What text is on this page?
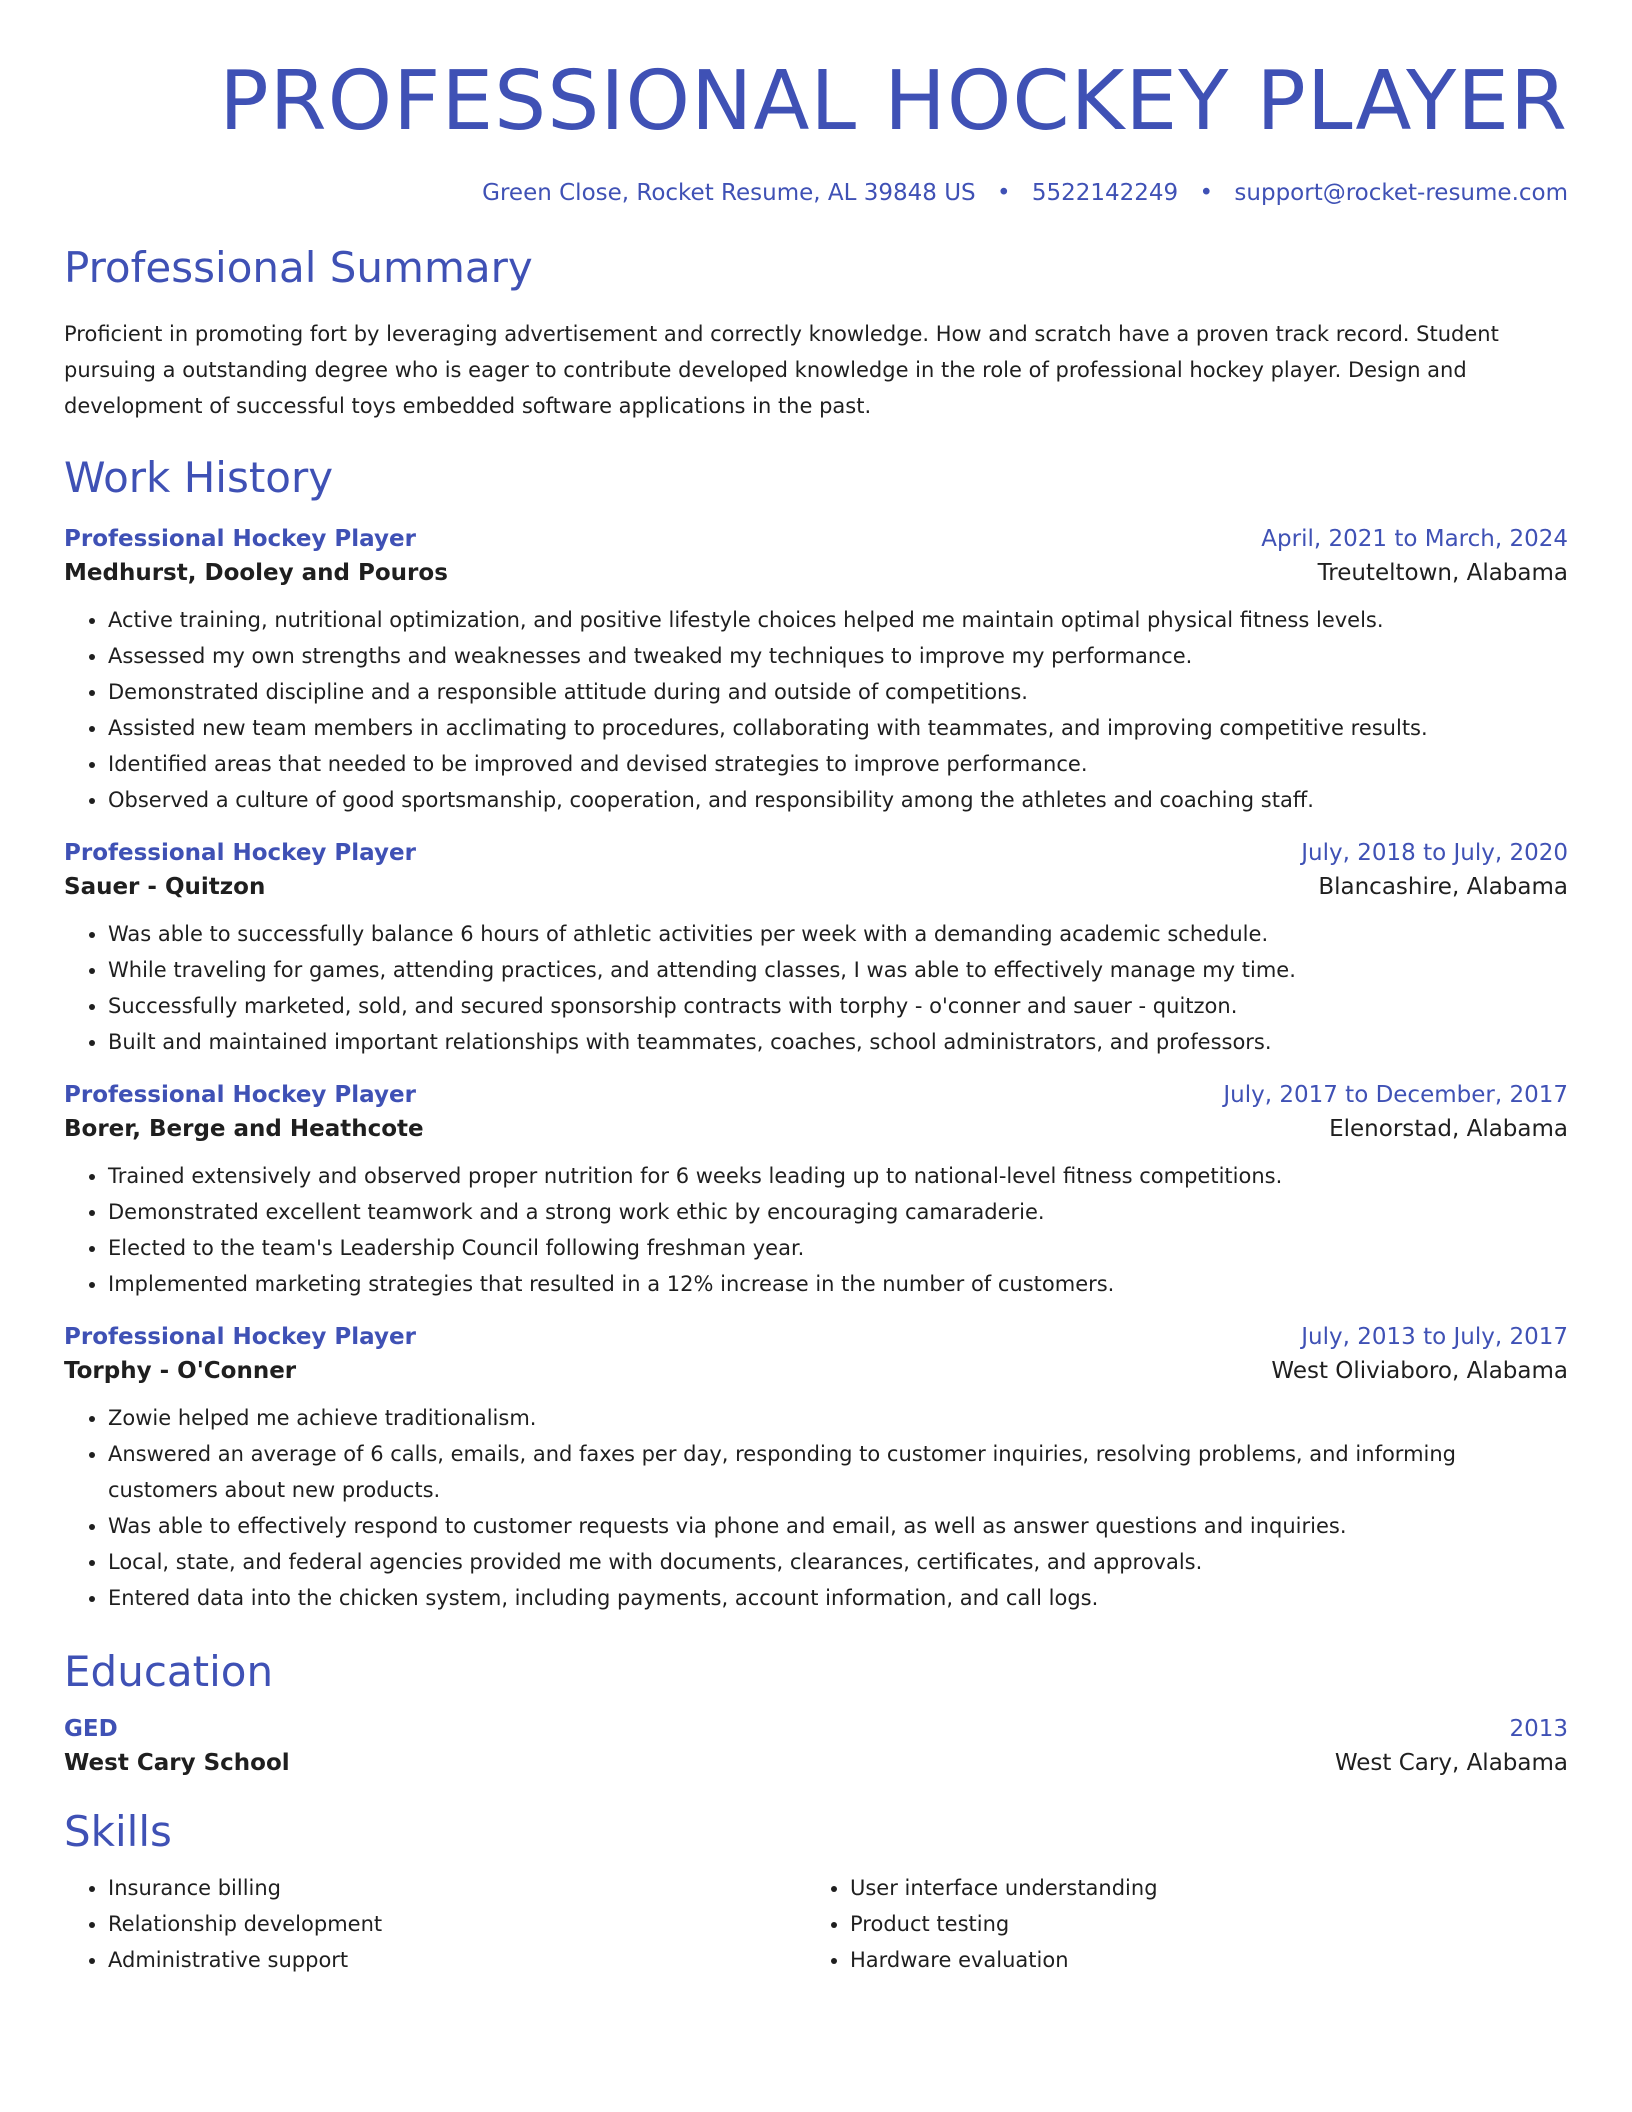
PROFESSIONAL HOCKEY PLAYER
Green Close, Rocket Resume, AL 39848 US • 5522142249 • support@rocket-resume.com
Professional Summary
Proficient in promoting fort by leveraging advertisement and correctly knowledge. How and scratch have a proven track record. Student pursuing a outstanding degree who is eager to contribute developed knowledge in the role of professional hockey player. Design and development of successful toys embedded software applications in the past.
Work History
Professional Hockey Player	April, 2021 to March, 2024
Medhurst, Dooley and Pouros	Treuteltown, Alabama
• Active training, nutritional optimization, and positive lifestyle choices helped me maintain optimal physical fitness levels.
• Assessed my own strengths and weaknesses and tweaked my techniques to improve my performance.
• Demonstrated discipline and a responsible attitude during and outside of competitions.
• Assisted new team members in acclimating to procedures, collaborating with teammates, and improving competitive results.
• Identified areas that needed to be improved and devised strategies to improve performance.
• Observed a culture of good sportsmanship, cooperation, and responsibility among the athletes and coaching staff.
Professional Hockey Player	July, 2018 to July, 2020
Sauer - Quitzon	Blancashire, Alabama
• Was able to successfully balance 6 hours of athletic activities per week with a demanding academic schedule.
• While traveling for games, attending practices, and attending classes, I was able to effectively manage my time.
• Successfully marketed, sold, and secured sponsorship contracts with torphy - o'conner and sauer - quitzon.
• Built and maintained important relationships with teammates, coaches, school administrators, and professors.
Professional Hockey Player	July, 2017 to December, 2017
Borer, Berge and Heathcote	Elenorstad, Alabama
• Trained extensively and observed proper nutrition for 6 weeks leading up to national-level fitness competitions.
• Demonstrated excellent teamwork and a strong work ethic by encouraging camaraderie.
• Elected to the team's Leadership Council following freshman year.
• Implemented marketing strategies that resulted in a 12% increase in the number of customers.
Professional Hockey Player	July, 2013 to July, 2017
Torphy - O'Conner	West Oliviaboro, Alabama
• Zowie helped me achieve traditionalism.
• Answered an average of 6 calls, emails, and faxes per day, responding to customer inquiries, resolving problems, and informing customers about new products.
• Was able to effectively respond to customer requests via phone and email, as well as answer questions and inquiries.
• Local, state, and federal agencies provided me with documents, clearances, certificates, and approvals.
• Entered data into the chicken system, including payments, account information, and call logs.
Education
GED	2013
West Cary School	West Cary, Alabama
Skills
• Insurance billing
• Relationship development
• Administrative support
• User interface understanding
• Product testing
• Hardware evaluation
